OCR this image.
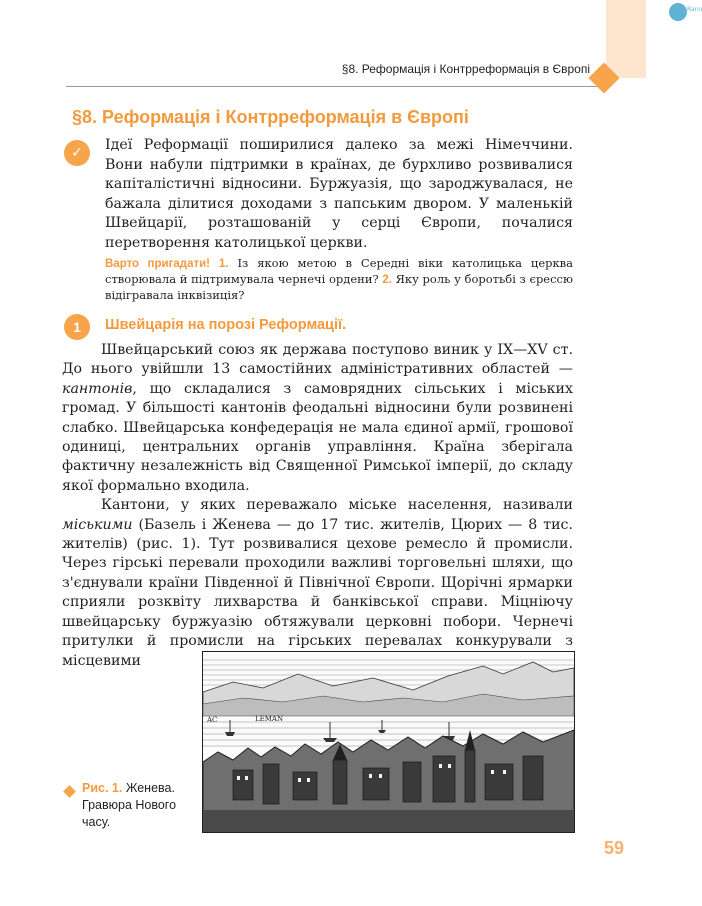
Rann
§8. Реформація і Контрреформація в Європі
✓
§8. Реформація і Контрреформація в Європі
Ідеї Реформації поширилися далеко за межі Німеччини. Вони набули підтримки в країнах, де бурхливо розвивалися капіталістичні відносини. Буржуазія, що зароджувалася, не бажала ділитися доходами з папським двором. У маленькій Швейцарії, розташованій у серці Європи, почалися перетворення католицької церкви.
Варто пригадати! 1. Із якою метою в Середні віки католицька церква створювала й підтримувала чернечі ордени? 2. Яку роль у боротьбі з єрессю відігравала інквізиція?
1	Швейцарія на порозі Реформації.

Швейцарський союз як держава поступово виник у IX—XV ст. До нього увійшли 13 самостійних адміністративних областей — кантонів, що складалися з самоврядних сільських і міських громад. У більшості кантонів феодальні відносини були розвинені слабко. Швейцарська конфедерація не мала єдиної армії, грошової одиниці, центральних органів управління. Країна зберігала фактичну незалежність від Священної Римської імперії, до складу якої формально входила.

Кантони, у яких переважало міське населення, називали міськими (Базель і Женева — до 17 тис. жителів, Цюрих — 8 тис. жителів) (рис. 1). Тут розвивалися цехове ремесло й промисли. Через гірські перевали проходили важливі торговельні шляхи, що з'єднували країни Південної й Північної Європи. Щорічні ярмарки сприяли розквіту лихварства й банківської справи. Міцніючу швейцарську буржуазію обтяжували церковні побори. Чернечі притулки й промисли на гірських перевалах конкурували з місцевими

AC	LEMAN
Рис. 1. Женева. Гравюра Нового часу.
59
